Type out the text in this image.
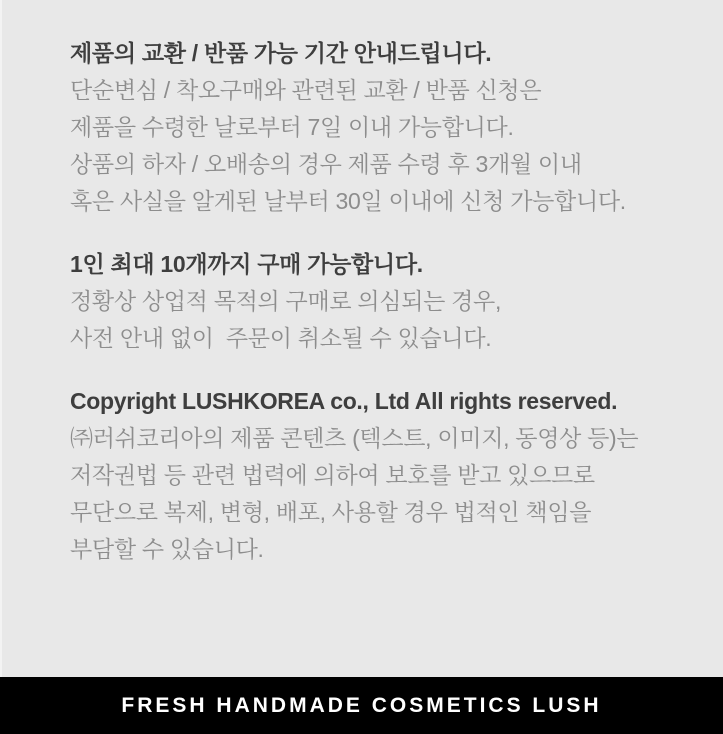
제품의 교환 / 반품 가능 기간 안내드립니다.

단순변심 / 착오구매와 관련된 교환 / 반품 신청은

제품을 수령한 날로부터 7일 이내 가능합니다.

상품의 하자 / 오배송의 경우 제품 수령 후 3개월 이내

혹은 사실을 알게된 날부터 30일 이내에 신청 가능합니다.

1인 최대 10개까지 구매 가능합니다.

정황상 상업적 목적의 구매로 의심되는 경우,

사전 안내 없이  주문이 취소될 수 있습니다.

Copyright LUSHKOREA co., Ltd All rights reserved.

㈜러쉬코리아의 제품 콘텐츠 (텍스트, 이미지, 동영상 등)는

저작권법 등 관련 법력에 의하여 보호를 받고 있으므로

무단으로 복제, 변형, 배포, 사용할 경우 법적인 책임을

부담할 수 있습니다.

FRESH HANDMADE COSMETICS LUSH
